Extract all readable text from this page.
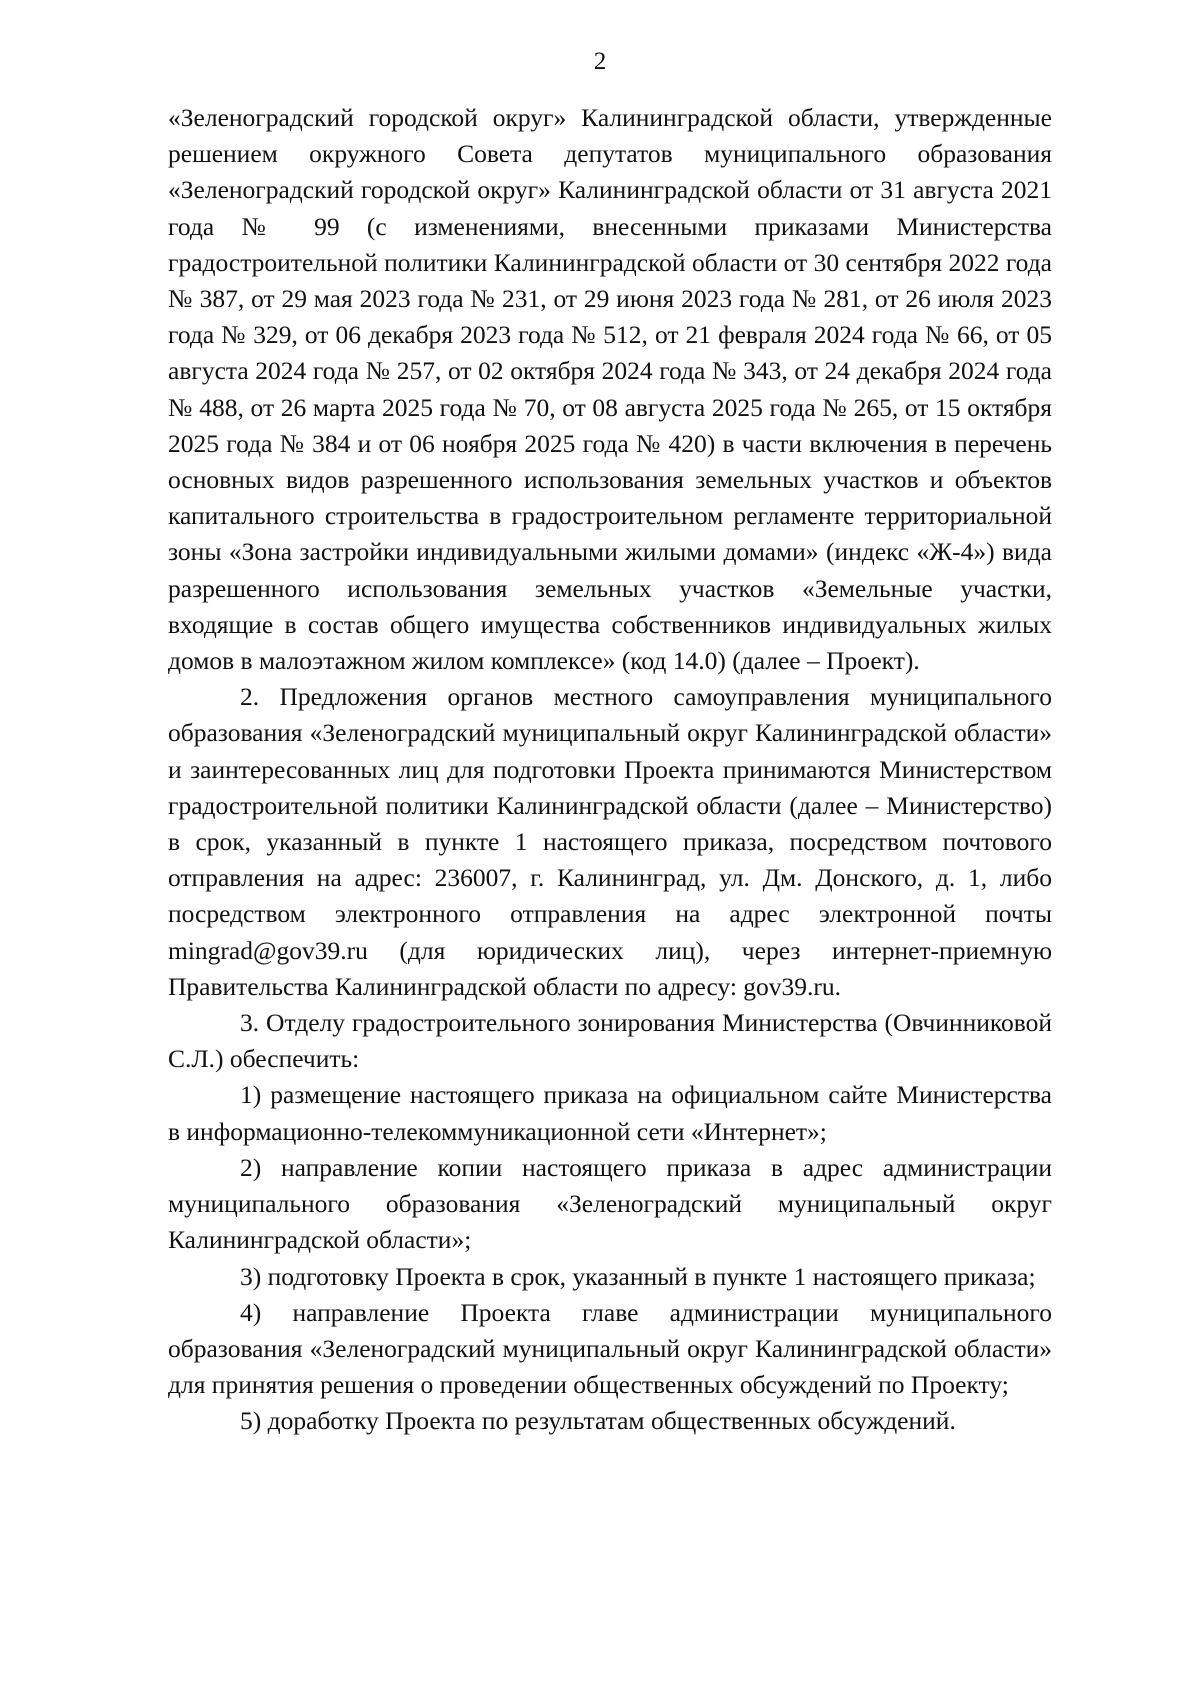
2

«Зеленоградский городской округ» Калининградской области, утвержденные решением окружного Совета депутатов муниципального образования «Зеленоградский городской округ» Калининградской области от 31 августа 2021 года № 99 (с изменениями, внесенными приказами Министерства градостроительной политики Калининградской области от 30 сентября 2022 года № 387, от 29 мая 2023 года № 231, от 29 июня 2023 года № 281, от 26 июля 2023 года № 329, от 06 декабря 2023 года № 512, от 21 февраля 2024 года № 66, от 05 августа 2024 года № 257, от 02 октября 2024 года № 343, от 24 декабря 2024 года № 488, от 26 марта 2025 года № 70, от 08 августа 2025 года № 265, от 15 октября 2025 года № 384 и от 06 ноября 2025 года № 420) в части включения в перечень основных видов разрешенного использования земельных участков и объектов капитального строительства в градостроительном регламенте территориальной зоны «Зона застройки индивидуальными жилыми домами» (индекс «Ж-4») вида разрешенного использования земельных участков «Земельные участки, входящие в состав общего имущества собственников индивидуальных жилых домов в малоэтажном жилом комплексе» (код 14.0) (далее – Проект).

2. Предложения органов местного самоуправления муниципального образования «Зеленоградский муниципальный округ Калининградской области» и заинтересованных лиц для подготовки Проекта принимаются Министерством градостроительной политики Калининградской области (далее – Министерство) в срок, указанный в пункте 1 настоящего приказа, посредством почтового отправления на адрес: 236007, г. Калининград, ул. Дм. Донского, д. 1, либо посредством электронного отправления на адрес электронной почты mingrad@gov39.ru (для юридических лиц), через интернет-приемную Правительства Калининградской области по адресу: gov39.ru.

3. Отделу градостроительного зонирования Министерства (Овчинниковой С.Л.) обеспечить:

1) размещение настоящего приказа на официальном сайте Министерства в информационно-телекоммуникационной сети «Интернет»;

2) направление копии настоящего приказа в адрес администрации муниципального образования «Зеленоградский муниципальный округ Калининградской области»;

3) подготовку Проекта в срок, указанный в пункте 1 настоящего приказа;

4) направление Проекта главе администрации муниципального образования «Зеленоградский муниципальный округ Калининградской области» для принятия решения о проведении общественных обсуждений по Проекту;

5) доработку Проекта по результатам общественных обсуждений.
